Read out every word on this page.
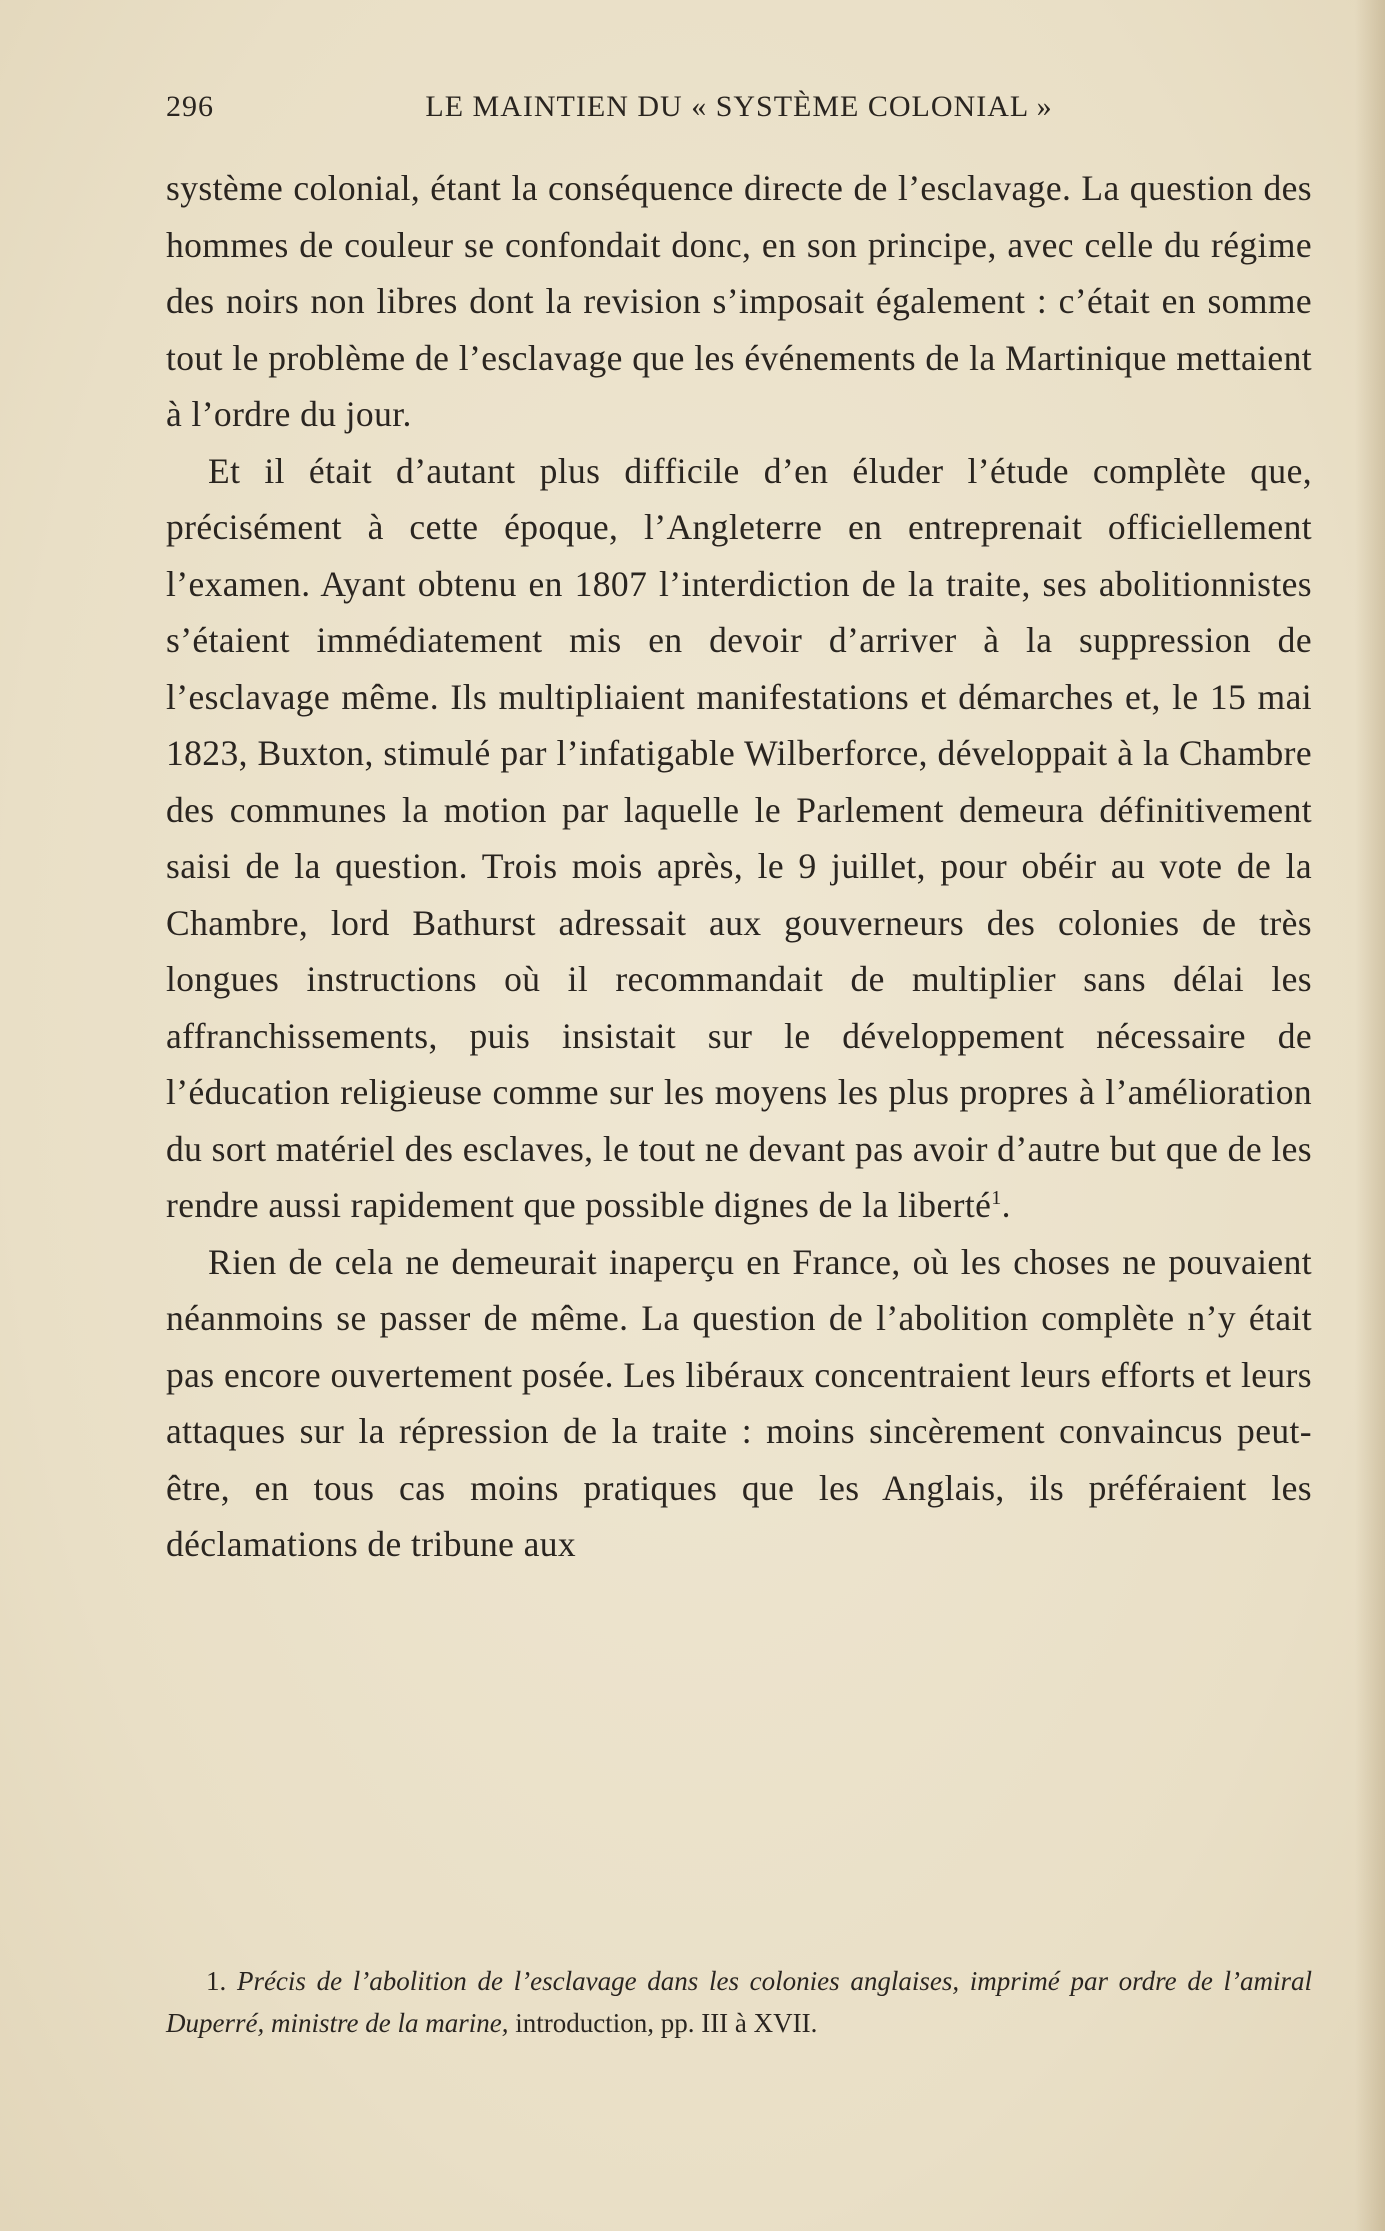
296	LE MAINTIEN DU « SYSTÈME COLONIAL »

système colonial, étant la conséquence directe de l’esclavage. La question des hommes de couleur se confondait donc, en son principe, avec celle du régime des noirs non libres dont la revision s’imposait également : c’était en somme tout le problème de l’esclavage que les événements de la Martinique mettaient à l’ordre du jour.

Et il était d’autant plus difficile d’en éluder l’étude complète que, précisément à cette époque, l’Angleterre en entreprenait officiellement l’examen. Ayant obtenu en 1807 l’interdiction de la traite, ses abolitionnistes s’étaient immédiatement mis en devoir d’arriver à la suppression de l’esclavage même. Ils multipliaient manifestations et démarches et, le 15 mai 1823, Buxton, stimulé par l’infatigable Wilberforce, développait à la Chambre des communes la motion par laquelle le Parlement demeura définitivement saisi de la question. Trois mois après, le 9 juillet, pour obéir au vote de la Chambre, lord Bathurst adressait aux gouverneurs des colonies de très longues instructions où il recommandait de multiplier sans délai les affranchissements, puis insistait sur le développement nécessaire de l’éducation religieuse comme sur les moyens les plus propres à l’amélioration du sort matériel des esclaves, le tout ne devant pas avoir d’autre but que de les rendre aussi rapidement que possible dignes de la liberté$^1$.

Rien de cela ne demeurait inaperçu en France, où les choses ne pouvaient néanmoins se passer de même. La question de l’abolition complète n’y était pas encore ouvertement posée. Les libéraux concentraient leurs efforts et leurs attaques sur la répression de la traite : moins sincèrement convaincus peut-être, en tous cas moins pratiques que les Anglais, ils préféraient les déclamations de tribune aux

1. Précis de l’abolition de l’esclavage dans les colonies anglaises, imprimé par ordre de l’amiral Duperré, ministre de la marine, introduction, pp. III à XVII.
